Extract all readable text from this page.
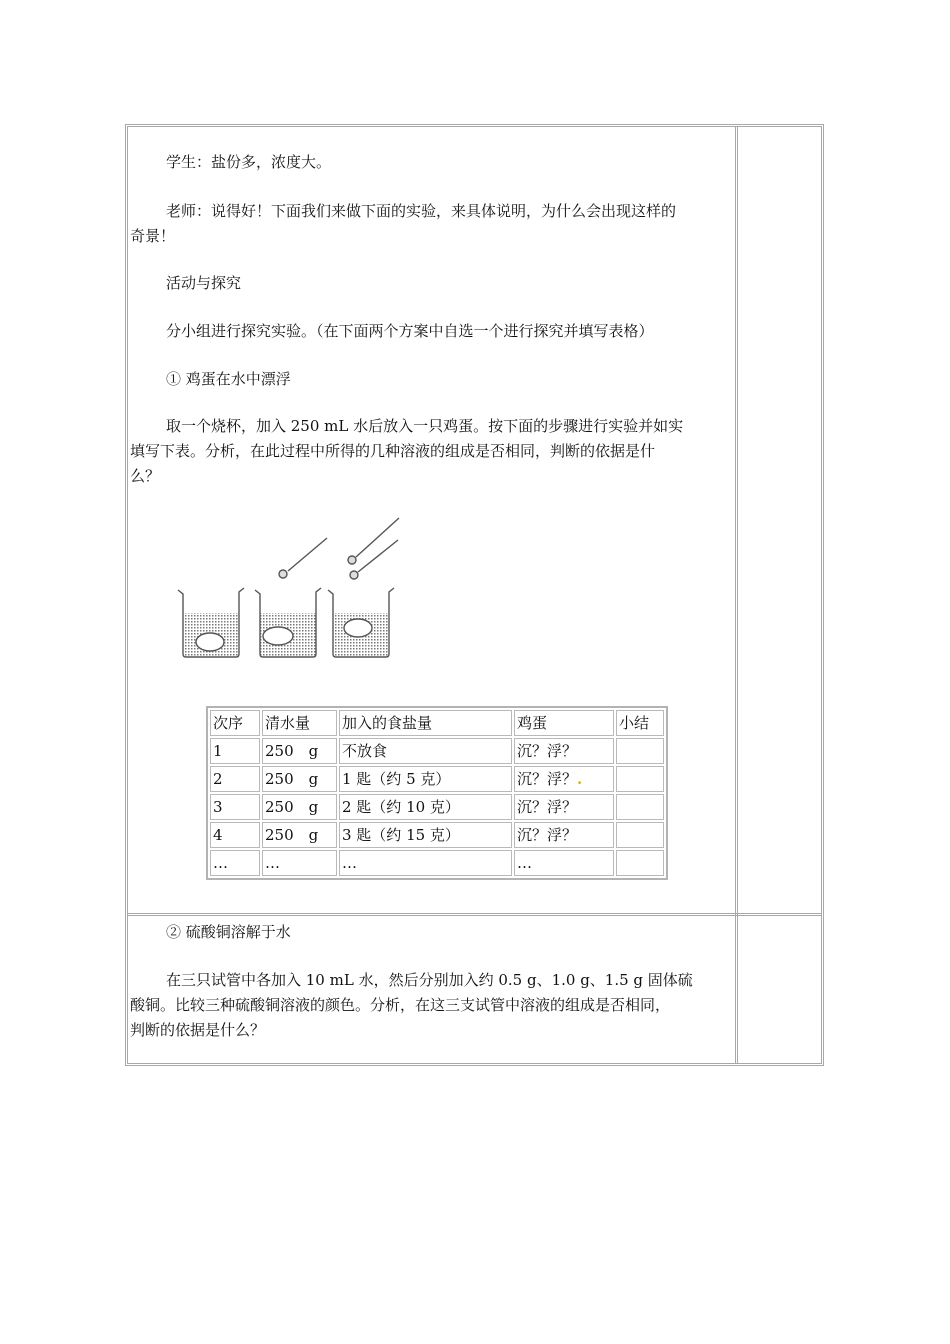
学生：盐份多，浓度大。
老师：说得好！下面我们来做下面的实验，来具体说明，为什么会出现这样的
奇景！
活动与探究
分小组进行探究实验。（在下面两个方案中自选一个进行探究并填写表格）
① 鸡蛋在水中漂浮
取一个烧杯，加入 250 mL 水后放入一只鸡蛋。按下面的步骤进行实验并如实
填写下表。分析，在此过程中所得的几种溶液的组成是否相同，判断的依据是什
么？
次序	清水量	加入的食盐量	鸡蛋	小结
1	250　g	不放食	沉？浮？	
2	250　g	1 匙（约 5 克）	沉？浮？.	
3	250　g	2 匙（约 10 克）	沉？浮？	
4	250　g	3 匙（约 15 克）	沉？浮？	
…	…	…	…	
② 硫酸铜溶解于水
在三只试管中各加入 10 mL 水，然后分别加入约 0.5 g、1.0 g、1.5 g 固体硫
酸铜。比较三种硫酸铜溶液的颜色。分析，在这三支试管中溶液的组成是否相同，
判断的依据是什么？
